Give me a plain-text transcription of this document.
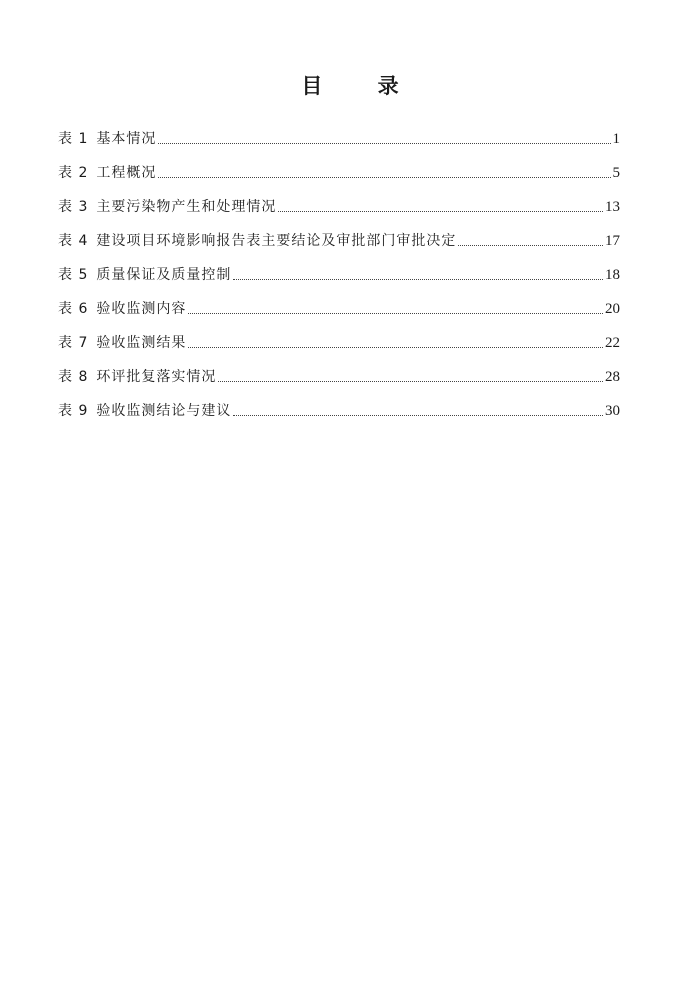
目 录
表 1 基本情况	1
表 2 工程概况	5
表 3 主要污染物产生和处理情况	13
表 4 建设项目环境影响报告表主要结论及审批部门审批决定	17
表 5 质量保证及质量控制	18
表 6 验收监测内容	20
表 7 验收监测结果	22
表 8 环评批复落实情况	28
表 9 验收监测结论与建议	30
